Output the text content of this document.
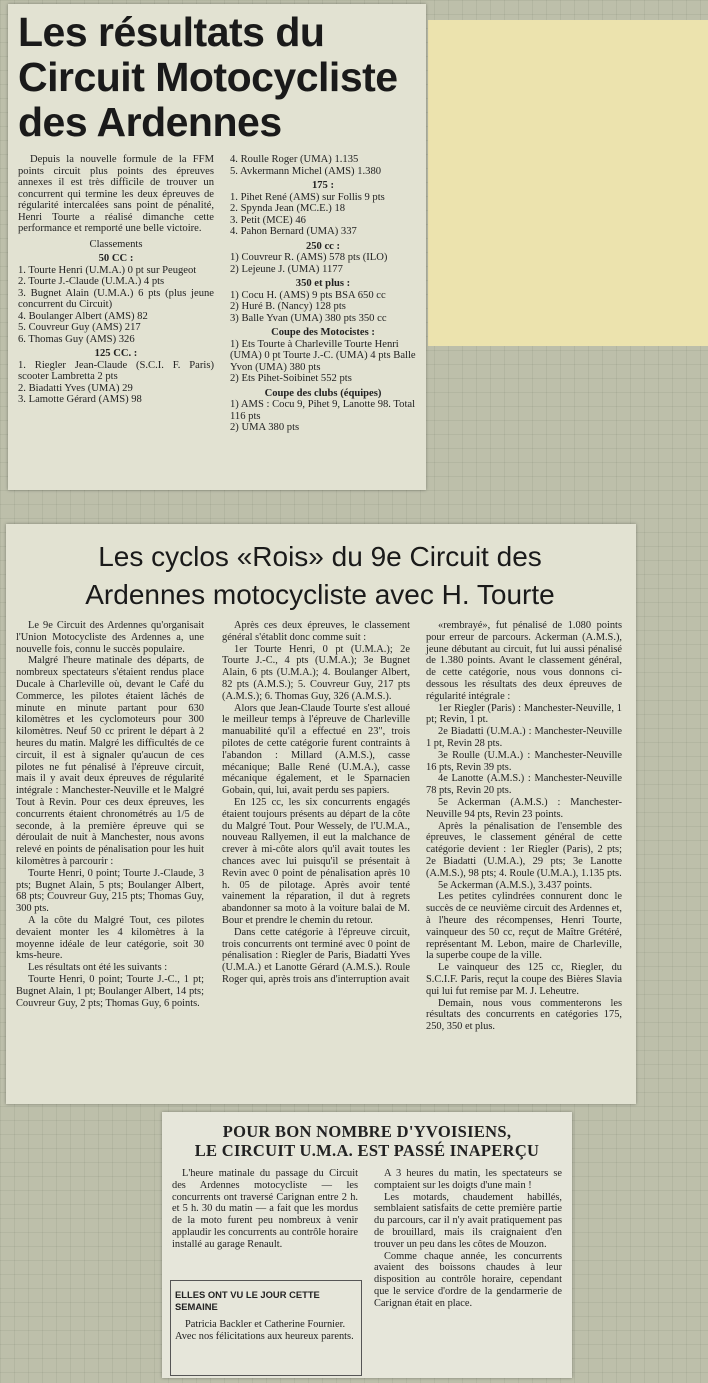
Les résultats du Circuit Motocycliste des Ardennes

Depuis la nouvelle formule de la FFM points circuit plus points des épreuves annexes il est très difficile de trouver un concurrent qui termine les deux épreuves de régularité intercalées sans point de pénalité, Henri Tourte a réalisé dimanche cette performance et remporté une belle victoire.

Classements

50 CC :

1. Tourte Henri (U.M.A.) 0 pt sur Peugeot

2. Tourte J.-Claude (U.M.A.) 4 pts

3. Bugnet Alain (U.M.A.) 6 pts (plus jeune concurrent du Circuit)

4. Boulanger Albert (AMS) 82

5. Couvreur Guy (AMS) 217

6. Thomas Guy (AMS) 326

125 CC. :

1. Riegler Jean-Claude (S.C.I. F. Paris) scooter Lambretta 2 pts

2. Biadatti Yves (UMA) 29

3. Lamotte Gérard (AMS) 98

4. Roulle Roger (UMA) 1.135

5. Avkermann Michel (AMS) 1.380

175 :

1. Pihet René (AMS) sur Follis 9 pts

2. Spynda Jean (MC.E.) 18

3. Petit (MCE) 46

4. Pahon Bernard (UMA) 337

250 cc :

1) Couvreur R. (AMS) 578 pts (ILO)

2) Lejeune J. (UMA) 1177

350 et plus :

1) Cocu H. (AMS) 9 pts BSA 650 cc

2) Huré B. (Nancy) 128 pts

3) Balle Yvan (UMA) 380 pts 350 cc

Coupe des Motocistes :

1) Ets Tourte à Charleville Tourte Henri (UMA) 0 pt Tourte J.-C. (UMA) 4 pts Balle Yvon (UMA) 380 pts

2) Ets Pihet-Soibinet 552 pts

Coupe des clubs (équipes)

1) AMS : Cocu 9, Pihet 9, Lanotte 98. Total 116 pts

2) UMA 380 pts

Les cyclos «Rois» du 9e Circuit des
Ardennes motocycliste avec H. Tourte

Le 9e Circuit des Ardennes qu'organisait l'Union Motocycliste des Ardennes a, une nouvelle fois, connu le succès populaire.

Malgré l'heure matinale des départs, de nombreux spectateurs s'étaient rendus place Ducale à Charleville où, devant le Café du Commerce, les pilotes étaient lâchés de minute en minute partant pour 630 kilomètres et les cyclomoteurs pour 300 kilomètres. Neuf 50 cc prirent le départ à 2 heures du matin. Malgré les difficultés de ce circuit, il est à signaler qu'aucun de ces pilotes ne fut pénalisé à l'épreuve circuit, mais il y avait deux épreuves de régularité intégrale : Manchester-Neuville et le Malgré Tout à Revin. Pour ces deux épreuves, les concurrents étaient chronométrés au 1/5 de seconde, à la première épreuve qui se déroulait de nuit à Manchester, nous avons relevé en points de pénalisation pour les huit kilomètres à parcourir :

Tourte Henri, 0 point; Tourte J.-Claude, 3 pts; Bugnet Alain, 5 pts; Boulanger Albert, 68 pts; Couvreur Guy, 215 pts; Thomas Guy, 300 pts.

A la côte du Malgré Tout, ces pilotes devaient monter les 4 kilomètres à la moyenne idéale de leur catégorie, soit 30 kms-heure.

Les résultats ont été les suivants :

Tourte Henri, 0 point; Tourte J.-C., 1 pt; Bugnet Alain, 1 pt; Boulanger Albert, 14 pts; Couvreur Guy, 2 pts; Thomas Guy, 6 points.

Après ces deux épreuves, le classement général s'établit donc comme suit :

1er Tourte Henri, 0 pt (U.M.A.); 2e Tourte J.-C., 4 pts (U.M.A.); 3e Bugnet Alain, 6 pts (U.M.A.); 4. Boulanger Albert, 82 pts (A.M.S.); 5. Couvreur Guy, 217 pts (A.M.S.); 6. Thomas Guy, 326 (A.M.S.).

Alors que Jean-Claude Tourte s'est alloué le meilleur temps à l'épreuve de Charleville manuabilité qu'il a effectué en 23", trois pilotes de cette catégorie furent contraints à l'abandon : Millard (A.M.S.), casse mécanique; Balle René (U.M.A.), casse mécanique également, et le Sparnacien Gobain, qui, lui, avait perdu ses papiers.

En 125 cc, les six concurrents engagés étaient toujours présents au départ de la côte du Malgré Tout. Pour Wessely, de l'U.M.A., nouveau Rallyemen, il eut la malchance de crever à mi-côte alors qu'il avait toutes les chances avec lui puisqu'il se présentait à Revin avec 0 point de pénalisation après 10 h. 05 de pilotage. Après avoir tenté vainement la réparation, il dut à regrets abandonner sa moto à la voiture balai de M. Bour et prendre le chemin du retour.

Dans cette catégorie à l'épreuve circuit, trois concurrents ont terminé avec 0 point de pénalisation : Riegler de Paris, Biadatti Yves (U.M.A.) et Lanotte Gérard (A.M.S.). Roule Roger qui, après trois ans d'interruption avait

«rembrayé», fut pénalisé de 1.080 points pour erreur de parcours. Ackerman (A.M.S.), jeune débutant au circuit, fut lui aussi pénalisé de 1.380 points. Avant le classement général, de cette catégorie, nous vous donnons ci-dessous les résultats des deux épreuves de régularité intégrale :

1er Riegler (Paris) : Manchester-Neuville, 1 pt; Revin, 1 pt.

2e Biadatti (U.M.A.) : Manchester-Neuville 1 pt, Revin 28 pts.

3e Roulle (U.M.A.) : Manchester-Neuville 16 pts, Revin 39 pts.

4e Lanotte (A.M.S.) : Manchester-Neuville 78 pts, Revin 20 pts.

5e Ackerman (A.M.S.) : Manchester-Neuville 94 pts, Revin 23 points.

Après la pénalisation de l'ensemble des épreuves, le classement général de cette catégorie devient : 1er Riegler (Paris), 2 pts; 2e Biadatti (U.M.A.), 29 pts; 3e Lanotte (A.M.S.), 98 pts; 4. Roule (U.M.A.), 1.135 pts.

5e Ackerman (A.M.S.), 3.437 points.

Les petites cylindrées connurent donc le succès de ce neuvième circuit des Ardennes et, à l'heure des récompenses, Henri Tourte, vainqueur des 50 cc, reçut de Maître Grétéré, représentant M. Lebon, maire de Charleville, la superbe coupe de la ville.

Le vainqueur des 125 cc, Riegler, du S.C.I.F. Paris, reçut la coupe des Bières Slavia qui lui fut remise par M. J. Leheutre.

Demain, nous vous commenterons les résultats des concurrents en catégories 175, 250, 350 et plus.

POUR BON NOMBRE D'YVOISIENS,
LE CIRCUIT U.M.A. EST PASSÉ INAPERÇU

L'heure matinale du passage du Circuit des Ardennes motocycliste — les concurrents ont traversé Carignan entre 2 h. et 5 h. 30 du matin — a fait que les mordus de la moto furent peu nombreux à venir applaudir les concurrents au contrôle horaire installé au garage Renault.

ELLES ONT VU LE JOUR CETTE SEMAINE

Patricia Backler et Catherine Fournier. Avec nos félicitations aux heureux parents.

A 3 heures du matin, les spectateurs se comptaient sur les doigts d'une main !

Les motards, chaudement habillés, semblaient satisfaits de cette première partie du parcours, car il n'y avait pratiquement pas de brouillard, mais ils craignaient d'en trouver un peu dans les côtes de Mouzon.

Comme chaque année, les concurrents avaient des boissons chaudes à leur disposition au contrôle horaire, cependant que le service d'ordre de la gendarmerie de Carignan était en place.
